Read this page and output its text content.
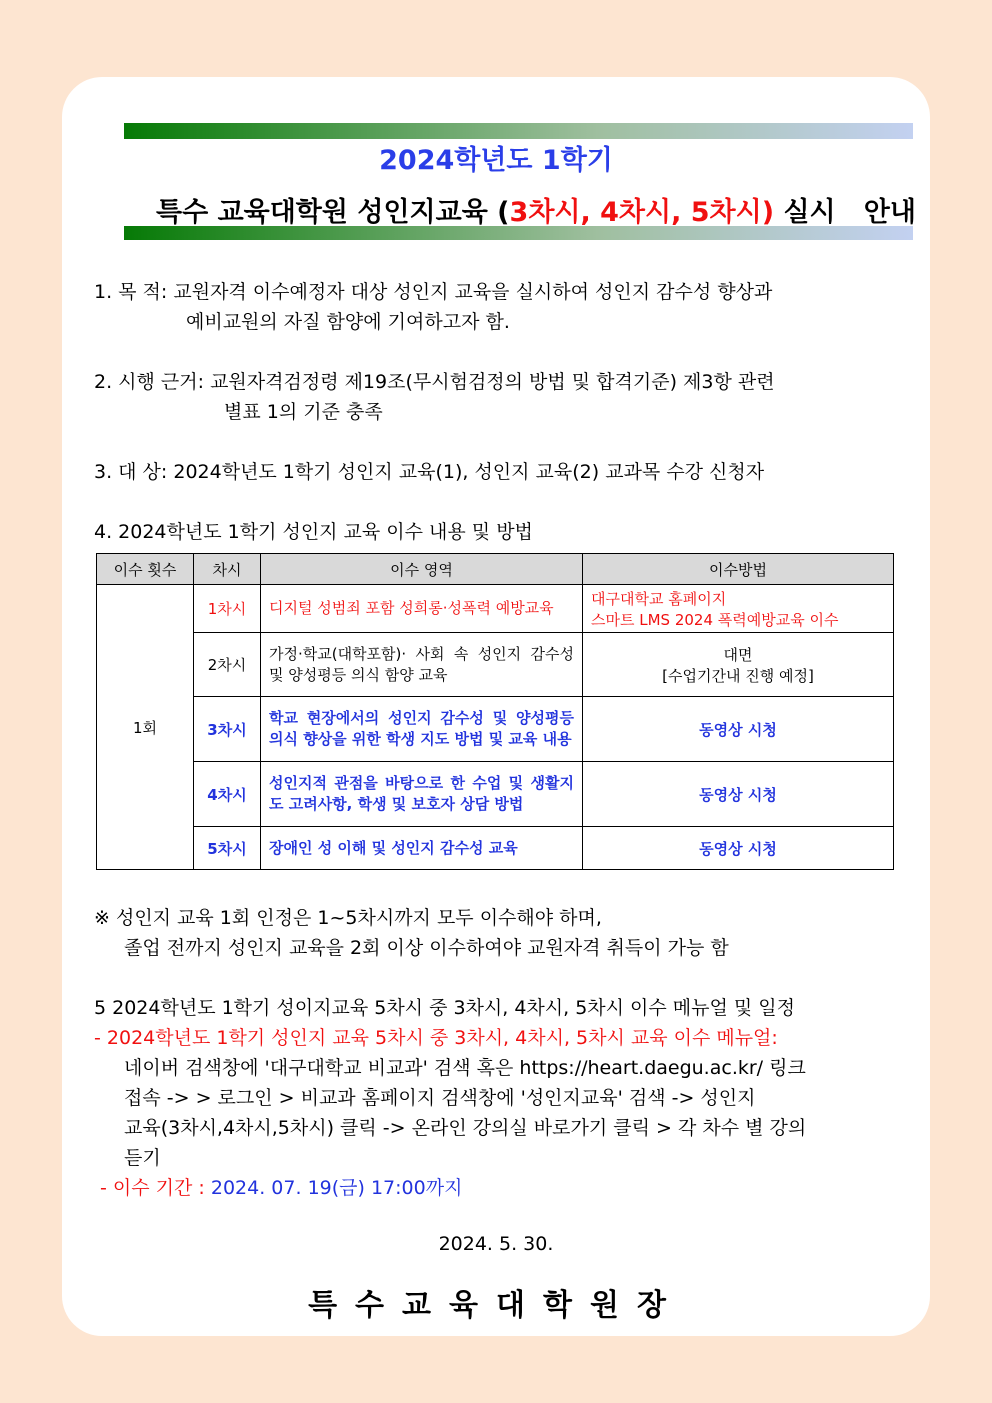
2024학년도 1학기
특수 교육대학원 성인지교육 (3차시, 4차시, 5차시) 실시   안내
1. 목 적: 교원자격 이수예정자 대상 성인지 교육을 실시하여 성인지 감수성 향상과
예비교원의 자질 함양에 기여하고자 함.
2. 시행 근거: 교원자격검정령 제19조(무시험검정의 방법 및 합격기준) 제3항 관련
별표 1의 기준 충족
3. 대 상: 2024학년도 1학기 성인지 교육(1), 성인지 교육(2) 교과목 수강 신청자
4. 2024학년도 1학기 성인지 교육 이수 내용 및 방법
이수 횟수	차시	이수 영역	이수방법
1회	1차시	디지털 성범죄 포함 성희롱·성폭력 예방교육	대구대학교 홈페이지
스마트 LMS 2024 폭력예방교육 이수

	2차시	가정·학교(대학포함)· 사회 속 성인지 감수성 및 양성평등 의식 함양 교육	대면
[수업기간내 진행 예정]

	3차시	학교 현장에서의 성인지 감수성 및 양성평등 의식 향상을 위한 학생 지도 방법 및 교육 내용	동영상 시청

	4차시	성인지적 관점을 바탕으로 한 수업 및 생활지도 고려사항, 학생 및 보호자 상담 방법	동영상 시청

	5차시	장애인 성 이해 및 성인지 감수성 교육	동영상 시청
※ 성인지 교육 1회 인정은 1~5차시까지 모두 이수해야 하며,
졸업 전까지 성인지 교육을 2회 이상 이수하여야 교원자격 취득이 가능 함
5 2024학년도 1학기 성이지교육 5차시 중 3차시, 4차시, 5차시 이수 메뉴얼 및 일정
- 2024학년도 1학기 성인지 교육 5차시 중 3차시, 4차시, 5차시 교육 이수 메뉴얼:
네이버 검색창에 '대구대학교 비교과' 검색 혹은 https://heart.daegu.ac.kr/ 링크
접속 -> > 로그인 > 비교과 홈페이지 검색창에 '성인지교육' 검색 -> 성인지
교육(3차시,4차시,5차시) 클릭 -> 온라인 강의실 바로가기 클릭 > 각 차수 별 강의
듣기
- 이수 기간 : 2024. 07. 19(금) 17:00까지
2024. 5. 30.
특수교육대학원장
